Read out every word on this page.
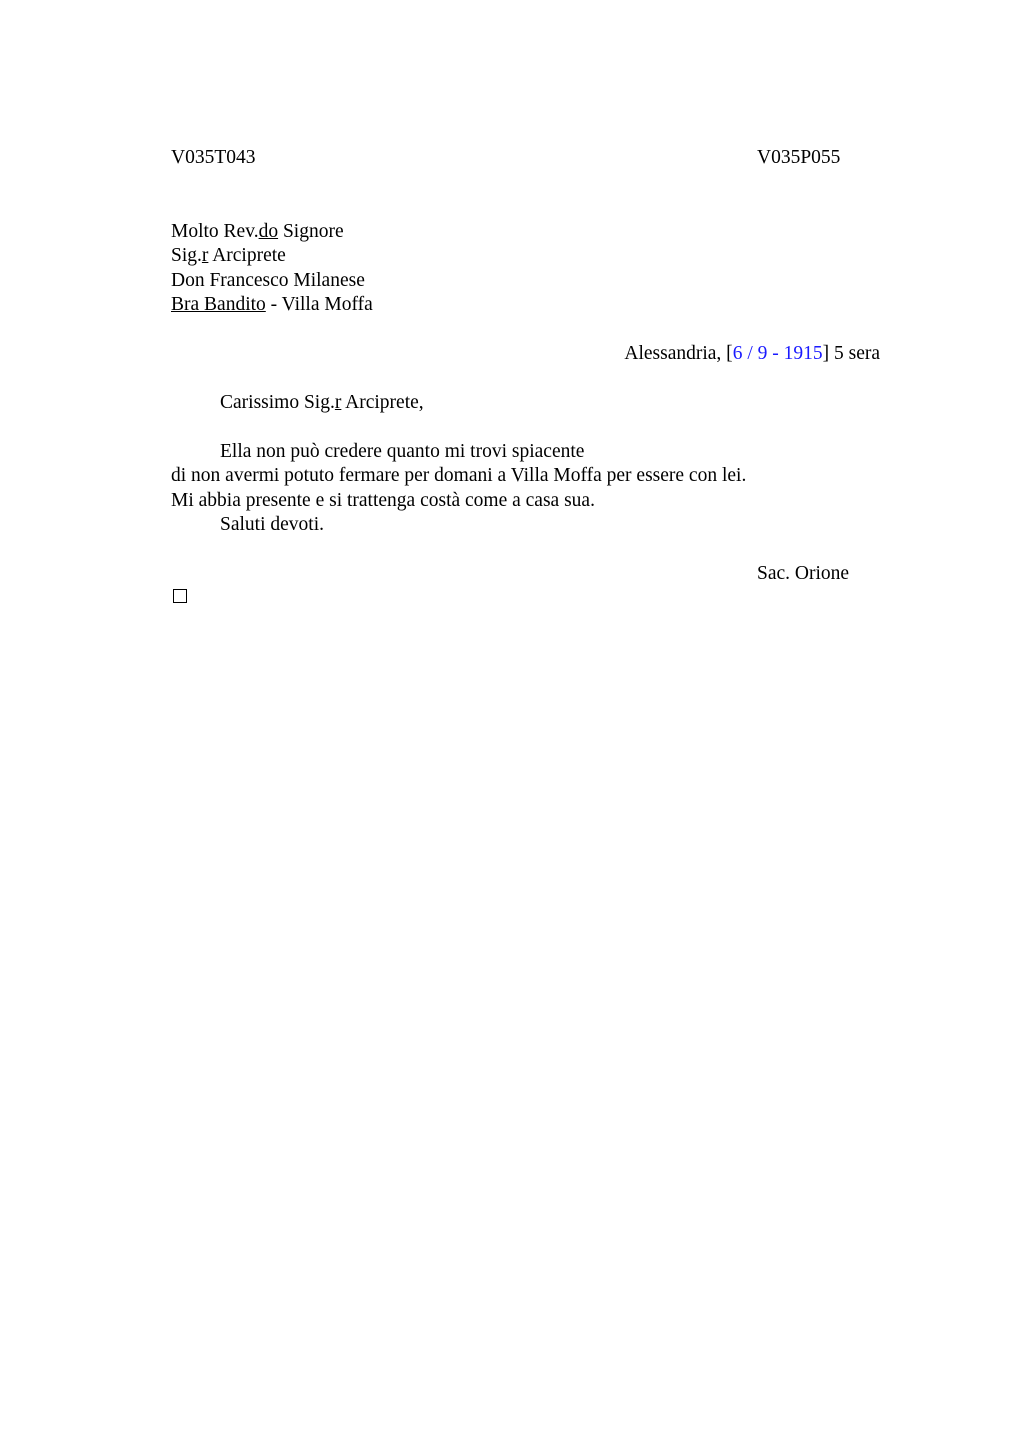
V035T043	V035P055
Molto Rev.do Signore
Sig.r Arciprete
Don Francesco Milanese
Bra Bandito - Villa Moffa
Alessandria, [6 / 9 - 1915] 5 sera
Carissimo Sig.r Arciprete,
Ella non può credere quanto mi trovi spiacente
di non avermi potuto fermare per domani a Villa Moffa per essere con lei.
Mi abbia presente e si trattenga costà come a casa sua.
Saluti devoti.
Sac. Orione
